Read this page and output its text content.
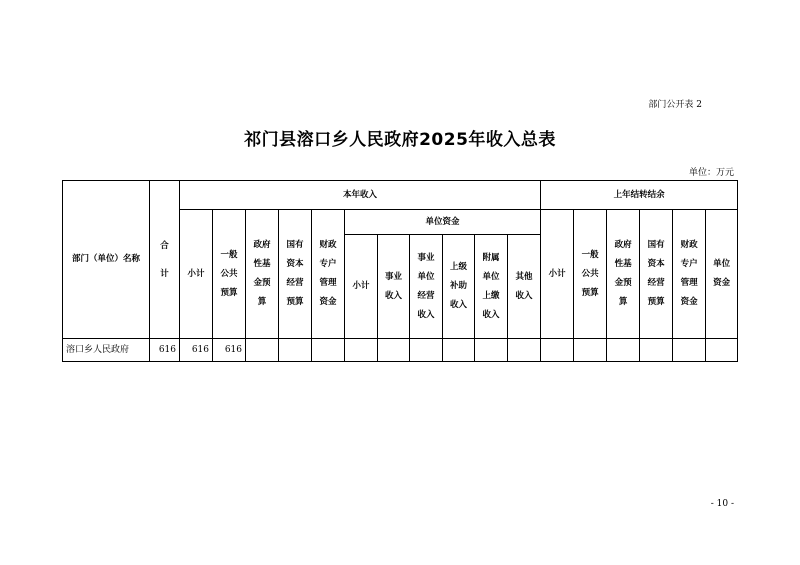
部门公开表 2
祁门县溶口乡人民政府2025年收入总表
单位：万元
部门（单位）名称	合计	本年收入											上年结转结余					
		小计	一般公共预算	政府性基金预算	国有资本经营预算	财政专户管理资金	单位资金						小计	一般公共预算	政府性基金预算	国有资本经营预算	财政专户管理资金	单位资金
							小计	事业收入	事业单位经营收入	上级补助收入	附属单位上缴收入	其他收入						

溶口乡人民政府	616	616	616															
- 10 -
